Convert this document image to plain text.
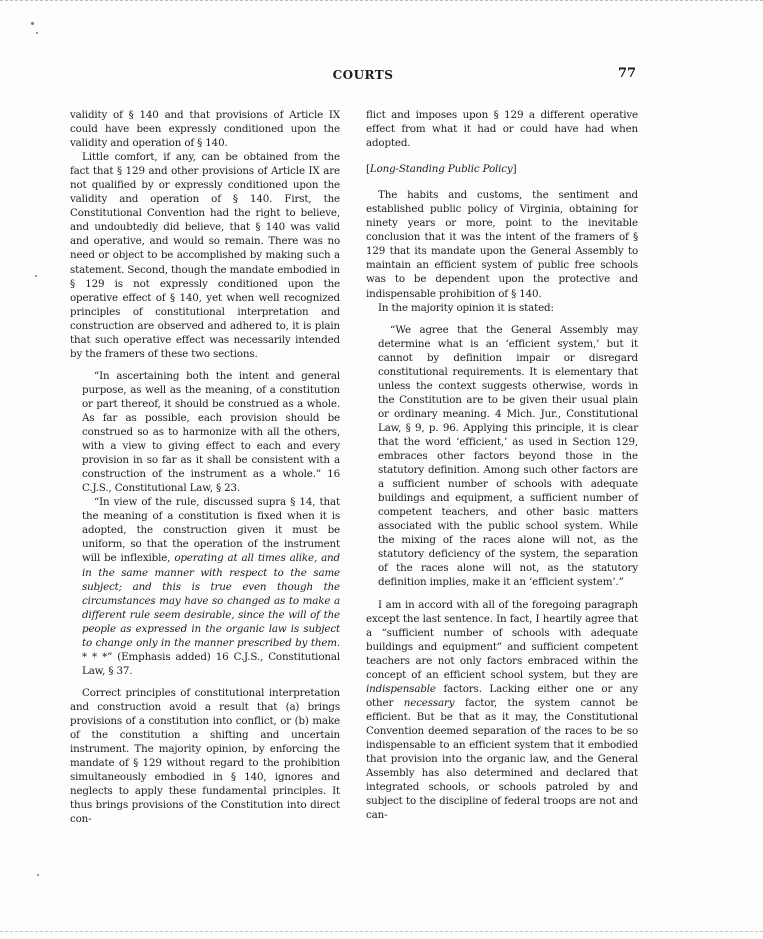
COURTS	77

validity of § 140 and that provisions of Article IX could have been expressly conditioned upon the validity and operation of § 140.

Little comfort, if any, can be obtained from the fact that § 129 and other provisions of Article IX are not qualified by or expressly conditioned upon the validity and operation of § 140. First, the Constitutional Convention had the right to believe, and undoubtedly did believe, that § 140 was valid and operative, and would so remain. There was no need or object to be accomplished by making such a statement. Second, though the mandate embodied in § 129 is not expressly conditioned upon the operative effect of § 140, yet when well recognized principles of constitutional interpretation and construction are observed and adhered to, it is plain that such operative effect was necessarily intended by the framers of these two sections.

“In ascertaining both the intent and general purpose, as well as the meaning, of a constitution or part thereof, it should be construed as a whole. As far as possible, each provision should be construed so as to harmonize with all the others, with a view to giving effect to each and every provision in so far as it shall be consistent with a construction of the instrument as a whole.” 16 C.J.S., Constitutional Law, § 23.

“In view of the rule, discussed supra § 14, that the meaning of a constitution is fixed when it is adopted, the construction given it must be uniform, so that the operation of the instrument will be inflexible, operating at all times alike, and in the same manner with respect to the same subject; and this is true even though the circumstances may have so changed as to make a different rule seem desirable, since the will of the people as expressed in the organic law is subject to change only in the manner prescribed by them. * * *” (Emphasis added) 16 C.J.S., Constitutional Law, § 37.

Correct principles of constitutional interpretation and construction avoid a result that (a) brings provisions of a constitution into conflict, or (b) make of the constitution a shifting and uncertain instrument. The majority opinion, by enforcing the mandate of § 129 without regard to the prohibition simultaneously embodied in § 140, ignores and neglects to apply these fundamental principles. It thus brings provisions of the Constitution into direct con-

flict and imposes upon § 129 a different operative effect from what it had or could have had when adopted.

[Long-Standing Public Policy]

The habits and customs, the sentiment and established public policy of Virginia, obtaining for ninety years or more, point to the inevitable conclusion that it was the intent of the framers of § 129 that its mandate upon the General Assembly to maintain an efficient system of public free schools was to be dependent upon the protective and indispensable prohibition of § 140.

In the majority opinion it is stated:

“We agree that the General Assembly may determine what is an ‘efficient system,’ but it cannot by definition impair or disregard constitutional requirements. It is elementary that unless the context suggests otherwise, words in the Constitution are to be given their usual plain or ordinary meaning. 4 Mich. Jur., Constitutional Law, § 9, p. 96. Applying this principle, it is clear that the word ‘efficient,’ as used in Section 129, embraces other factors beyond those in the statutory definition. Among such other factors are a sufficient number of schools with adequate buildings and equipment, a sufficient number of competent teachers, and other basic matters associated with the public school system. While the mixing of the races alone will not, as the statutory deficiency of the system, the separation of the races alone will not, as the statutory definition implies, make it an ‘efficient system’.”

I am in accord with all of the foregoing paragraph except the last sentence. In fact, I heartily agree that a “sufficient number of schools with adequate buildings and equipment” and sufficient competent teachers are not only factors embraced within the concept of an efficient school system, but they are indispensable factors. Lacking either one or any other necessary factor, the system cannot be efficient. But be that as it may, the Constitutional Convention deemed separation of the races to be so indispensable to an efficient system that it embodied that provision into the organic law, and the General Assembly has also determined and declared that integrated schools, or schools patroled by and subject to the discipline of federal troops are not and can-
